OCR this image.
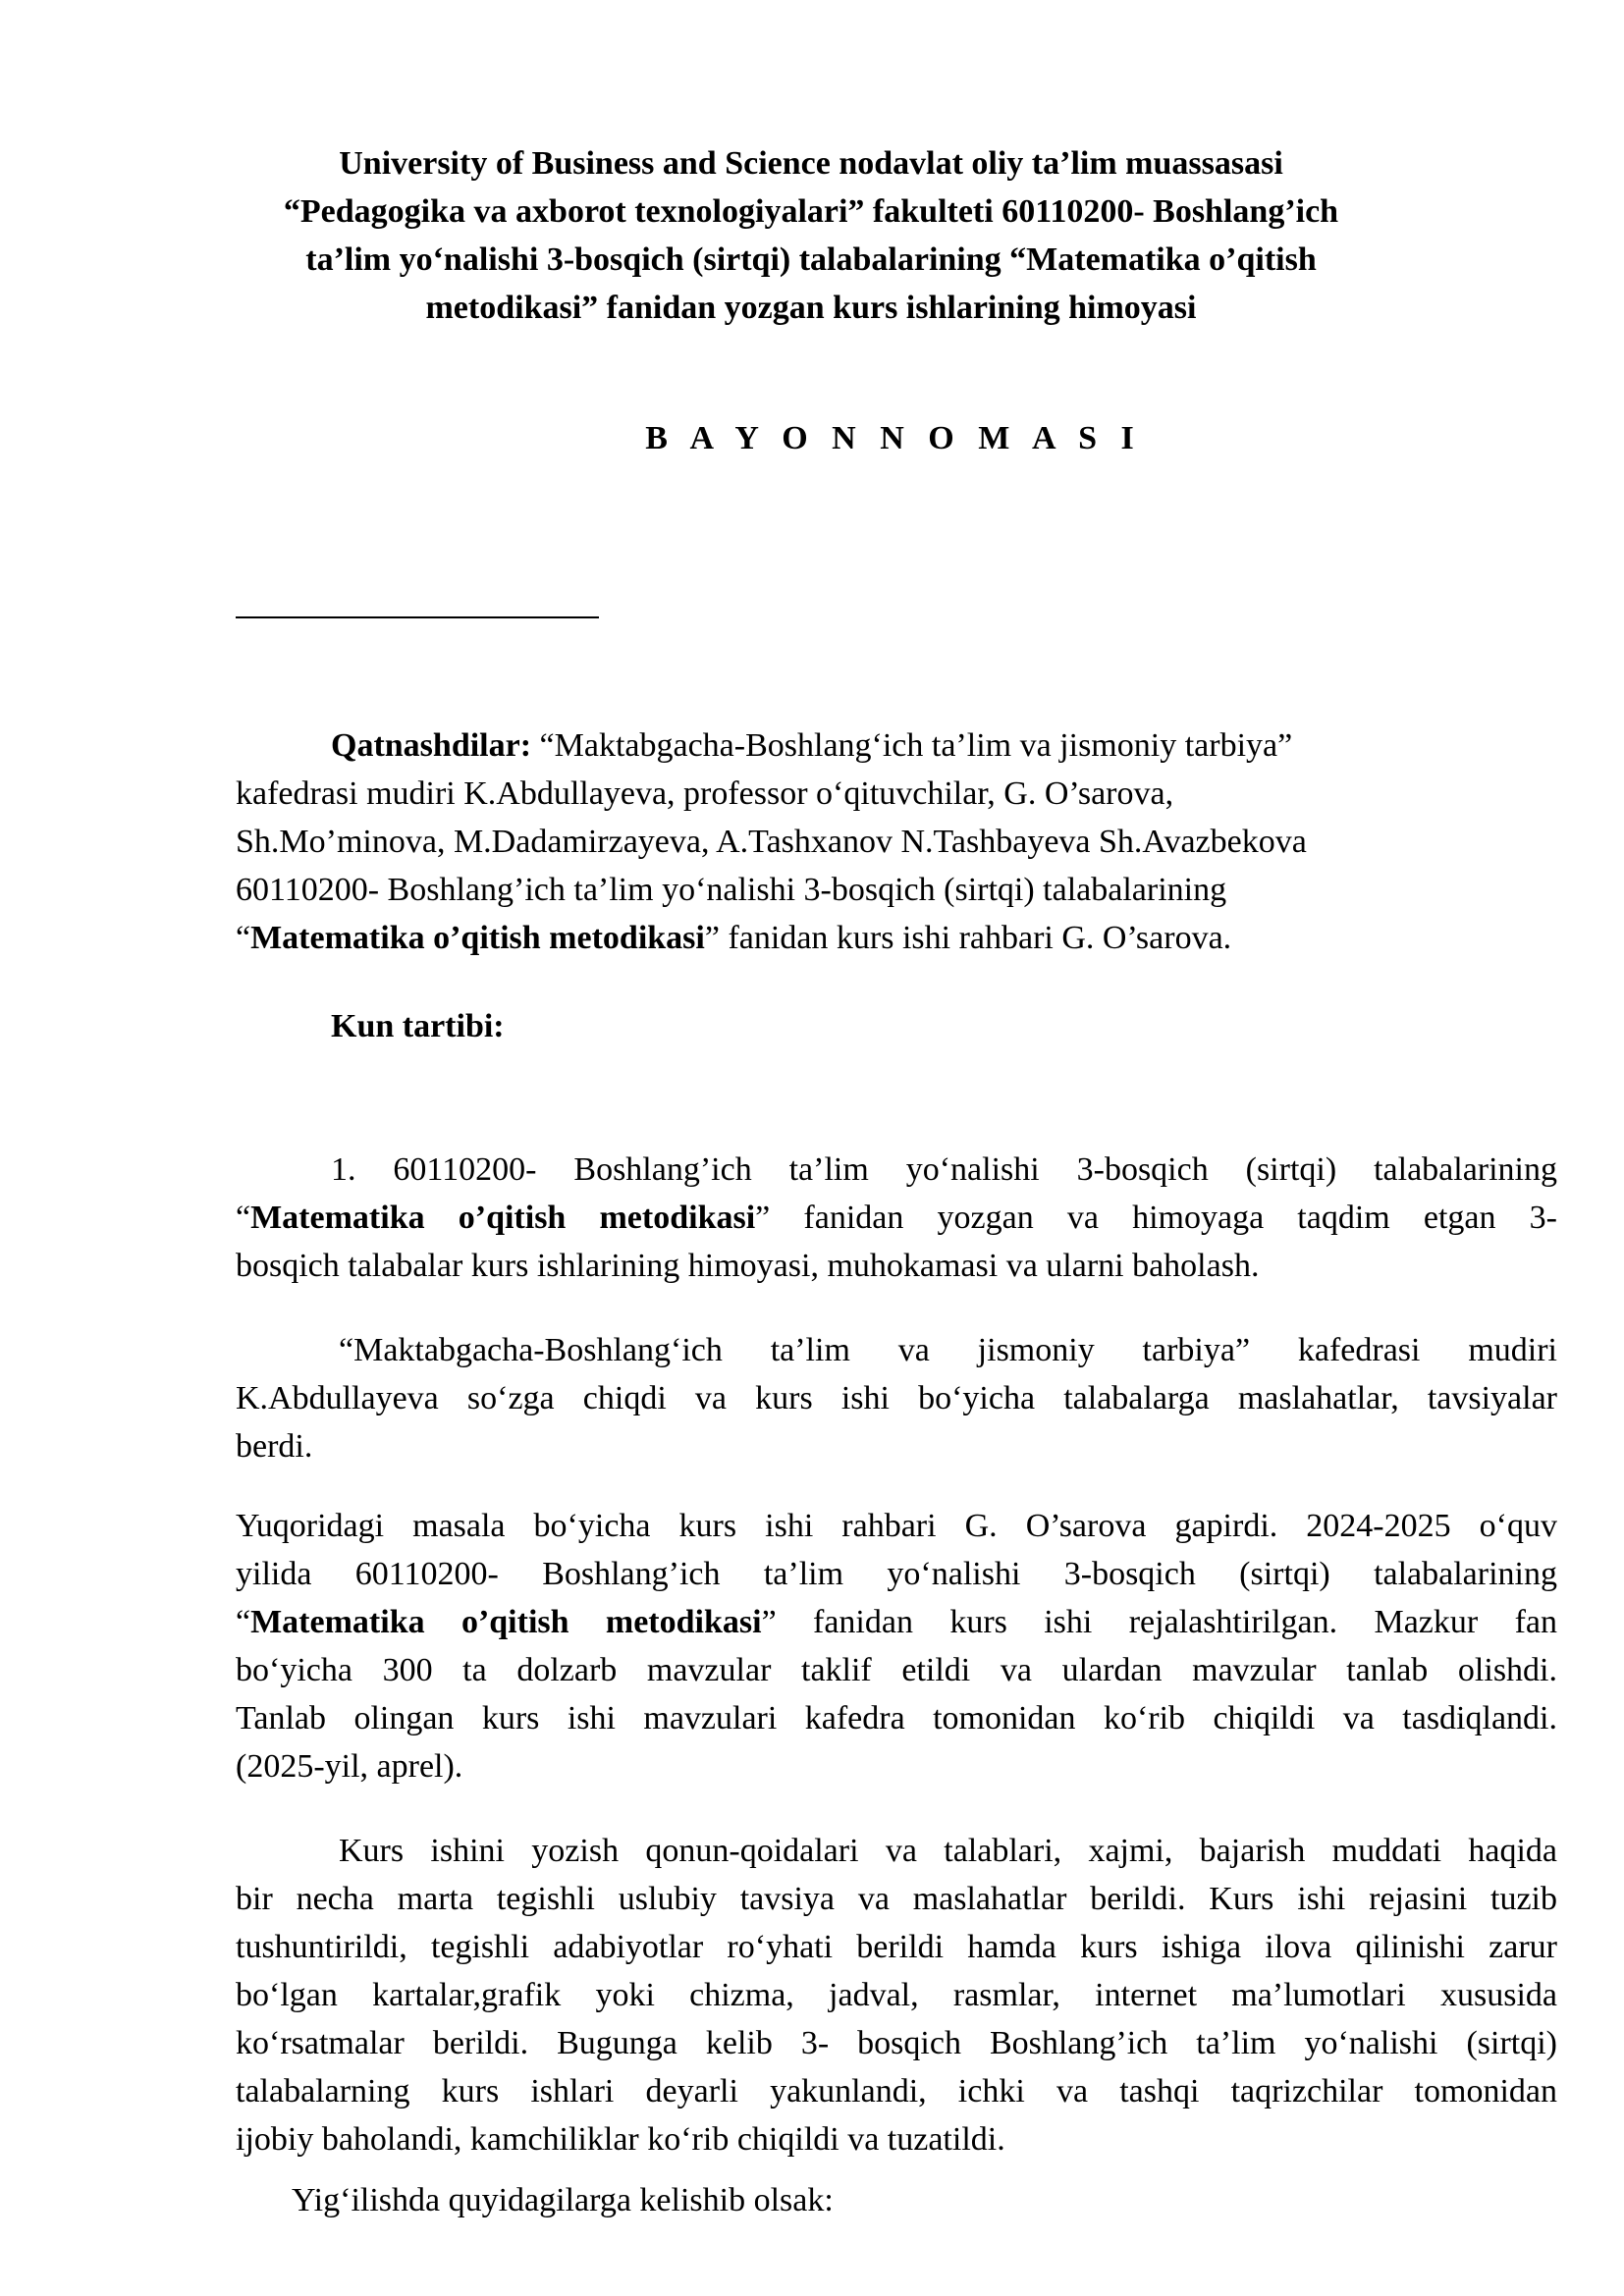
University of Business and Science nodavlat oliy ta’lim muassasasi
“Pedagogika va axborot texnologiyalari” fakulteti 60110200- Boshlang’ich
ta’lim yo‘nalishi 3-bosqich (sirtqi) talabalarining “Matematika o’qitish
metodikasi” fanidan yozgan kurs ishlarining himoyasi
B A Y O N N O M A S I
Qatnashdilar: “Maktabgacha-Boshlang‘ich ta’lim va jismoniy tarbiya”
kafedrasi mudiri K.Abdullayeva, professor o‘qituvchilar, G. O’sarova,
Sh.Mo’minova, M.Dadamirzayeva, A.Tashxanov N.Tashbayeva Sh.Avazbekova
60110200- Boshlang’ich ta’lim yo‘nalishi 3-bosqich (sirtqi) talabalarining
“Matematika o’qitish metodikasi” fanidan kurs ishi rahbari G. O’sarova.
Kun tartibi:
1. 60110200- Boshlang’ich ta’lim yo‘nalishi 3-bosqich (sirtqi) talabalarining
“Matematika o’qitish metodikasi” fanidan yozgan va himoyaga taqdim etgan 3-
bosqich talabalar kurs ishlarining himoyasi, muhokamasi va ularni baholash.
“Maktabgacha-Boshlang‘ich ta’lim va jismoniy tarbiya” kafedrasi mudiri
K.Abdullayeva so‘zga chiqdi va kurs ishi bo‘yicha talabalarga maslahatlar, tavsiyalar
berdi.
Yuqoridagi masala bo‘yicha kurs ishi rahbari G. O’sarova gapirdi. 2024-2025 o‘quv
yilida 60110200- Boshlang’ich ta’lim yo‘nalishi 3-bosqich (sirtqi) talabalarining
“Matematika o’qitish metodikasi” fanidan kurs ishi rejalashtirilgan. Mazkur fan
bo‘yicha 300 ta dolzarb mavzular taklif etildi va ulardan mavzular tanlab olishdi.
Tanlab olingan kurs ishi mavzulari kafedra tomonidan ko‘rib chiqildi va tasdiqlandi.
(2025-yil, aprel).
Kurs ishini yozish qonun-qoidalari va talablari, xajmi, bajarish muddati haqida
bir necha marta tegishli uslubiy tavsiya va maslahatlar berildi. Kurs ishi rejasini tuzib
tushuntirildi, tegishli adabiyotlar ro‘yhati berildi hamda kurs ishiga ilova qilinishi zarur
bo‘lgan kartalar,grafik yoki chizma, jadval, rasmlar, internet ma’lumotlari xususida
ko‘rsatmalar berildi. Bugunga kelib 3- bosqich Boshlang’ich ta’lim yo‘nalishi (sirtqi)
talabalarning kurs ishlari deyarli yakunlandi, ichki va tashqi taqrizchilar tomonidan
ijobiy baholandi, kamchiliklar ko‘rib chiqildi va tuzatildi.
Yig‘ilishda quyidagilarga kelishib olsak:
